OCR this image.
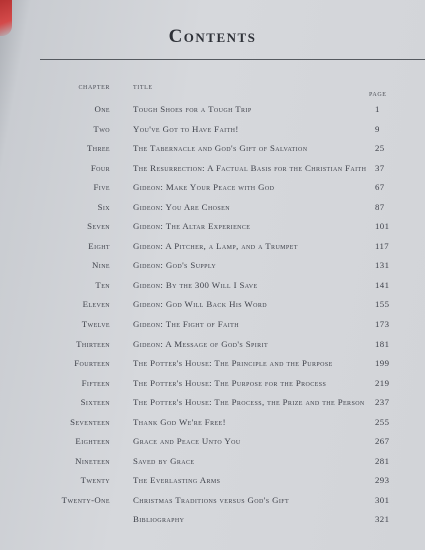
Contents
CHAPTER	TITLE
PAGE
One	Tough Shoes for a Tough Trip	1
Two	You've Got to Have Faith!	9
Three	The Tabernacle and God's Gift of Salvation	25
Four	The Resurrection: A Factual Basis for the Christian Faith 37
Five	Gideon: Make Your Peace with God	67
Six	Gideon: You Are Chosen	87
Seven	Gideon: The Altar Experience	101
Eight	Gideon: A Pitcher, a Lamp, and a Trumpet	117
Nine	Gideon: God's Supply	131
Ten	Gideon: By the 300 Will I Save	141
Eleven	Gideon: God Will Back His Word	155
Twelve	Gideon: The Fight of Faith	173
Thirteen	Gideon: A Message of God's Spirit	181
Fourteen	The Potter's House: The Principle and the Purpose	199
Fifteen	The Potter's House: The Purpose for the Process	219
Sixteen	The Potter's House: The Process, the Prize and the Person 237
Seventeen	Thank God We're Free!	255
Eighteen	Grace and Peace Unto You	267
Nineteen	Saved by Grace	281
Twenty	The Everlasting Arms	293
Twenty-One	Christmas Traditions versus God's Gift	301
Bibliography	321
